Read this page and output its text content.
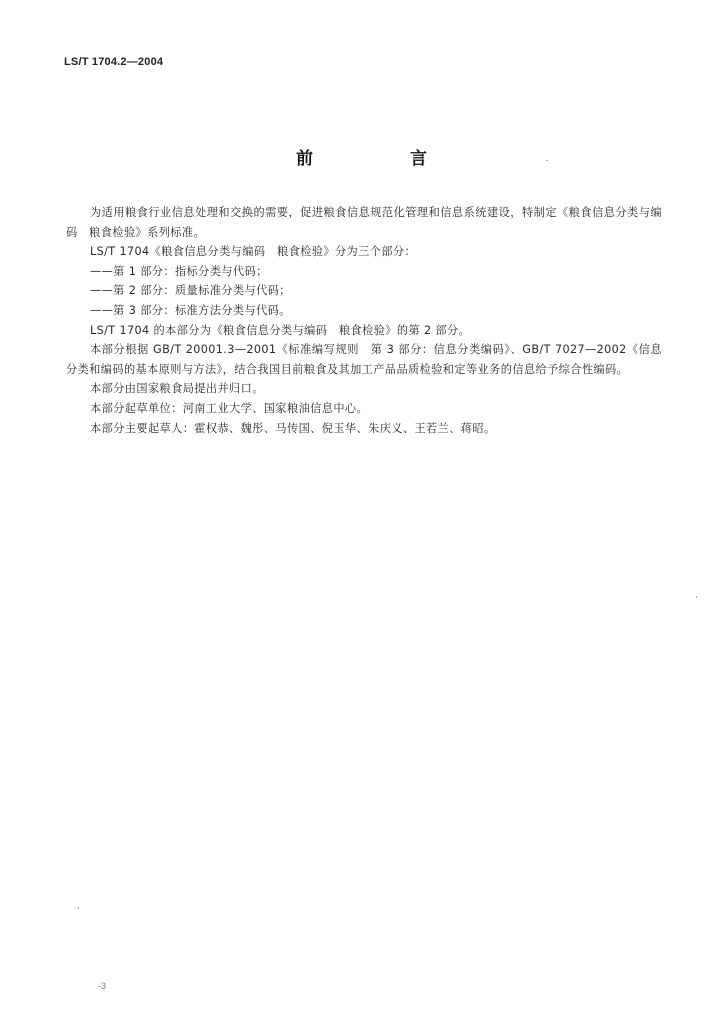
LS/T 1704.2—2004
前　言

为适用粮食行业信息处理和交换的需要，促进粮食信息规范化管理和信息系统建设，特制定《粮食信息分类与编码　粮食检验》系列标准。

LS/T 1704《粮食信息分类与编码　粮食检验》分为三个部分：

——第 1 部分：指标分类与代码；

——第 2 部分：质量标准分类与代码；

——第 3 部分：标准方法分类与代码。

LS/T 1704 的本部分为《粮食信息分类与编码　粮食检验》的第 2 部分。

本部分根据 GB/T 20001.3—2001《标准编写规则　第 3 部分：信息分类编码》、GB/T 7027—2002《信息分类和编码的基本原则与方法》，结合我国目前粮食及其加工产品品质检验和定等业务的信息给予综合性编码。

本部分由国家粮食局提出并归口。

本部分起草单位：河南工业大学、国家粮油信息中心。

本部分主要起草人：霍权恭、魏彤、马传国、倪玉华、朱庆义、王若兰、蒋昭。

-3
